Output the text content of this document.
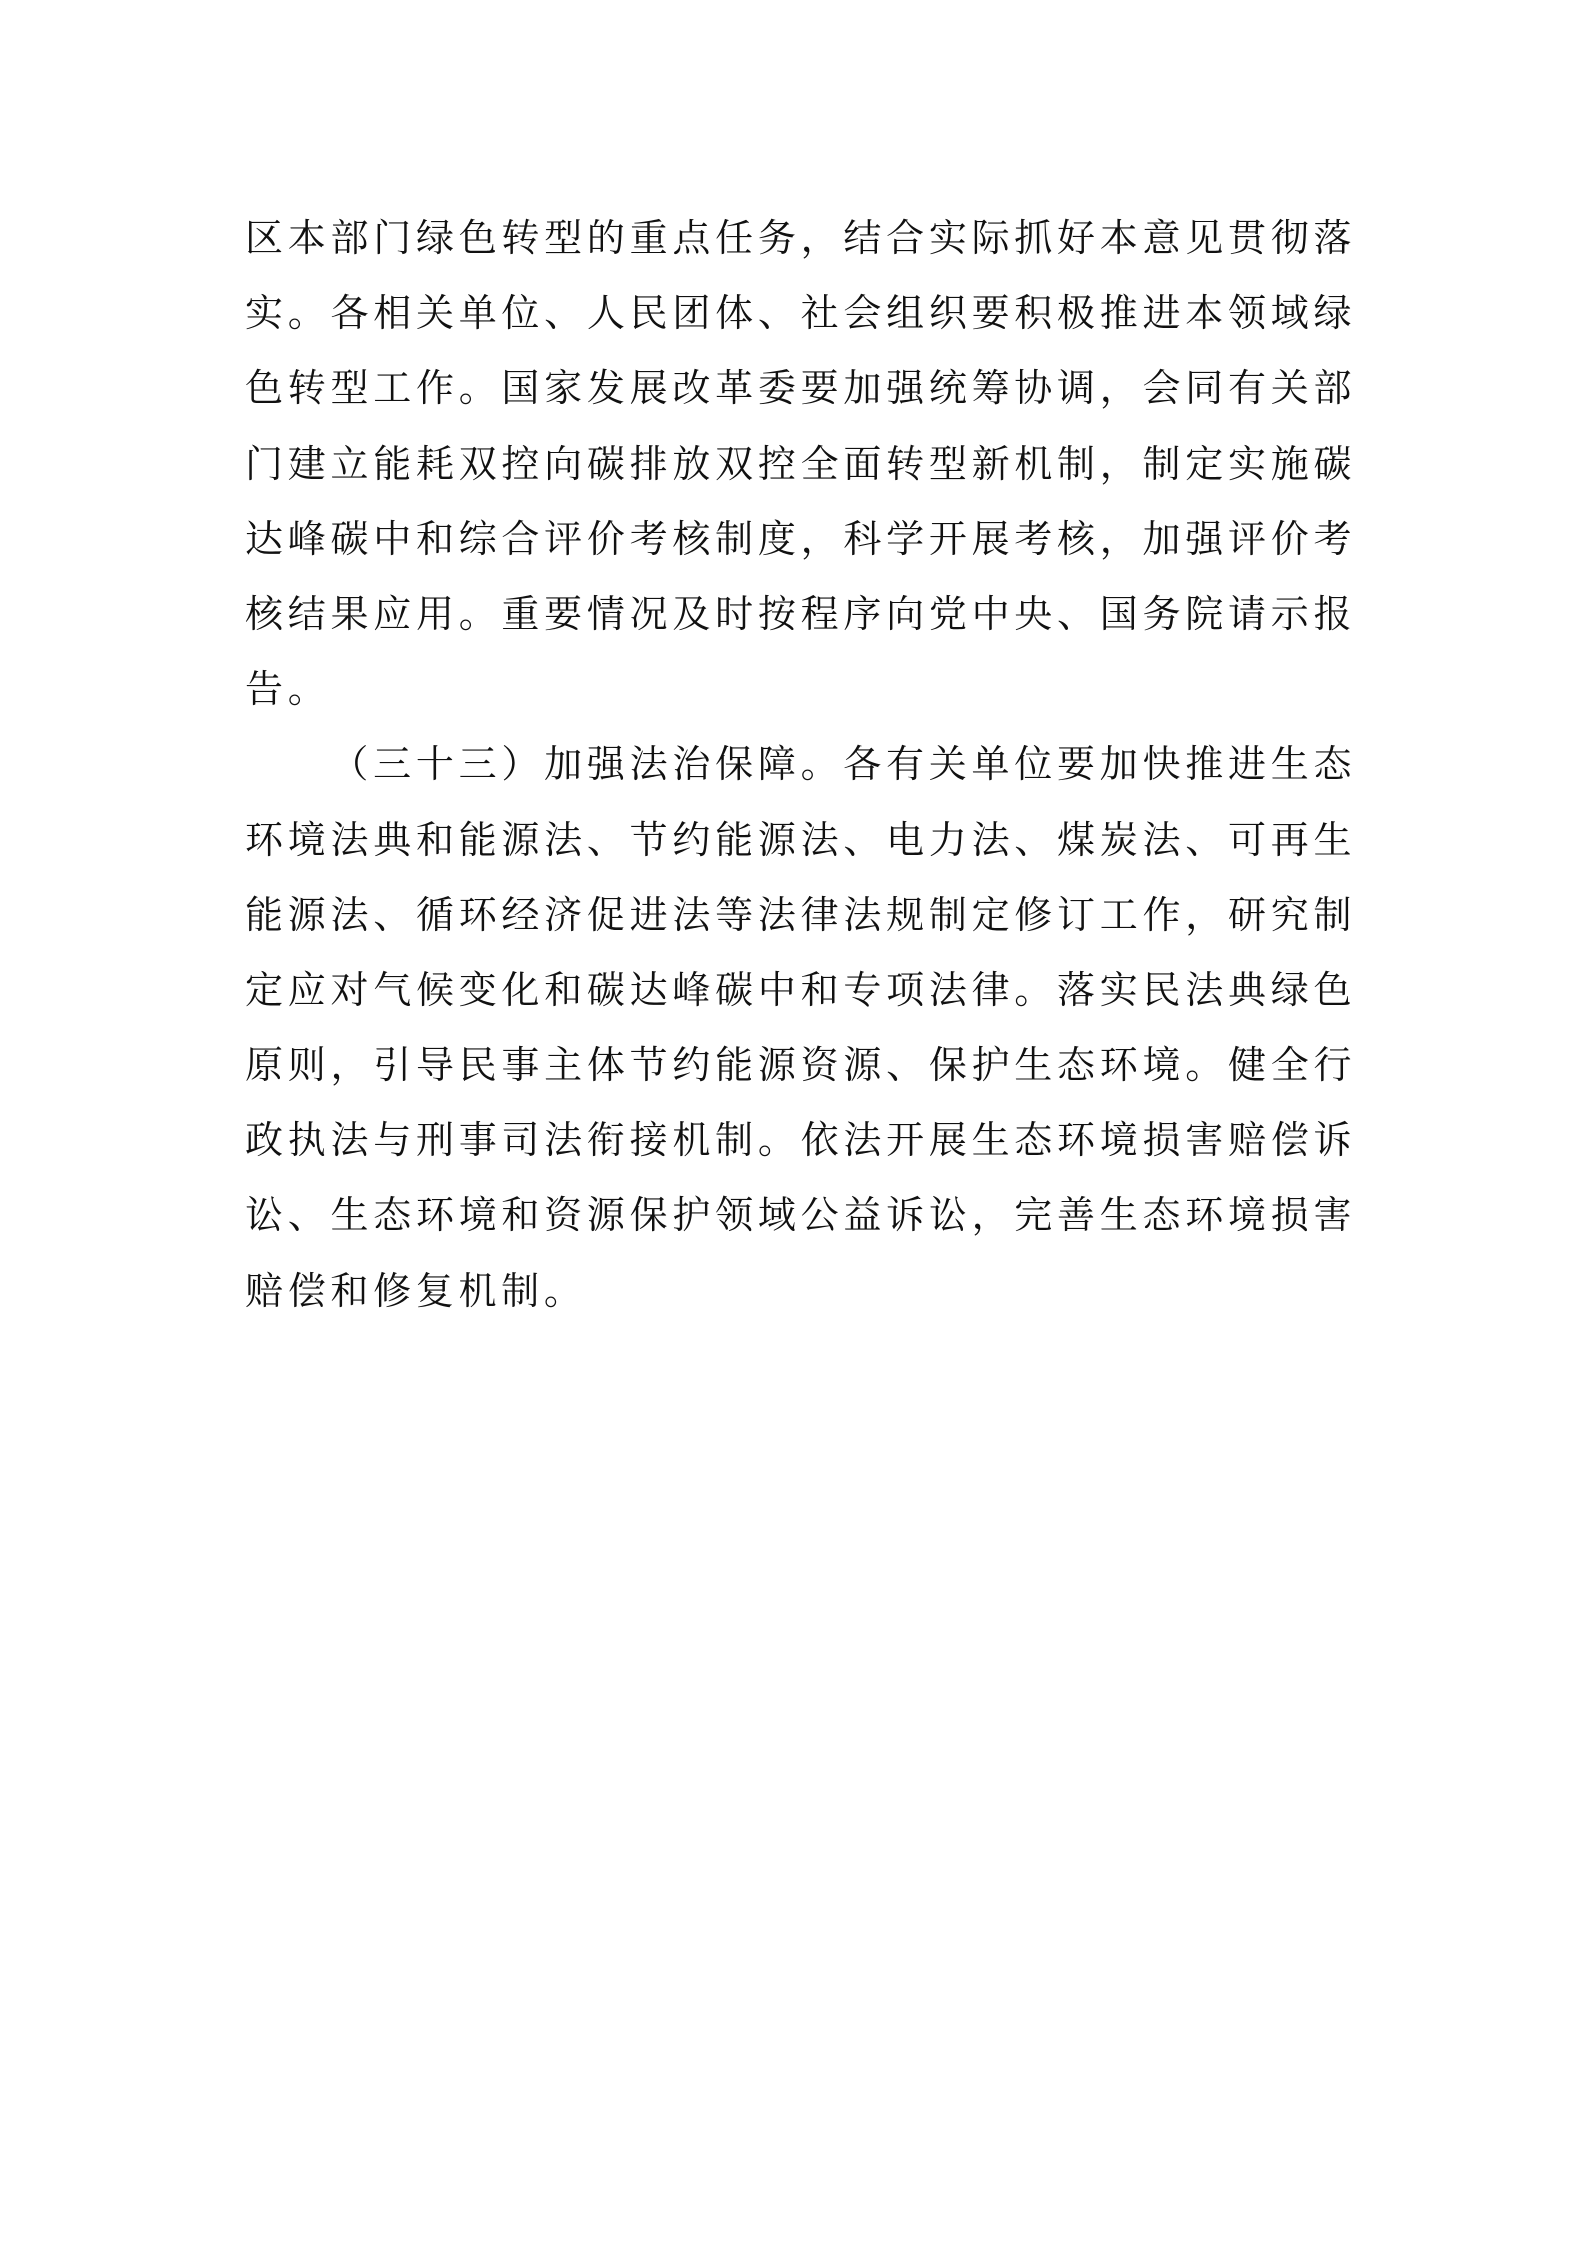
区本部门绿色转型的重点任务，结合实际抓好本意见贯彻落
实。各相关单位、人民团体、社会组织要积极推进本领域绿
色转型工作。国家发展改革委要加强统筹协调，会同有关部
门建立能耗双控向碳排放双控全面转型新机制，制定实施碳
达峰碳中和综合评价考核制度，科学开展考核，加强评价考
核结果应用。重要情况及时按程序向党中央、国务院请示报
告。
（三十三）加强法治保障。各有关单位要加快推进生态
环境法典和能源法、节约能源法、电力法、煤炭法、可再生
能源法、循环经济促进法等法律法规制定修订工作，研究制
定应对气候变化和碳达峰碳中和专项法律。落实民法典绿色
原则，引导民事主体节约能源资源、保护生态环境。健全行
政执法与刑事司法衔接机制。依法开展生态环境损害赔偿诉
讼、生态环境和资源保护领域公益诉讼，完善生态环境损害
赔偿和修复机制。
